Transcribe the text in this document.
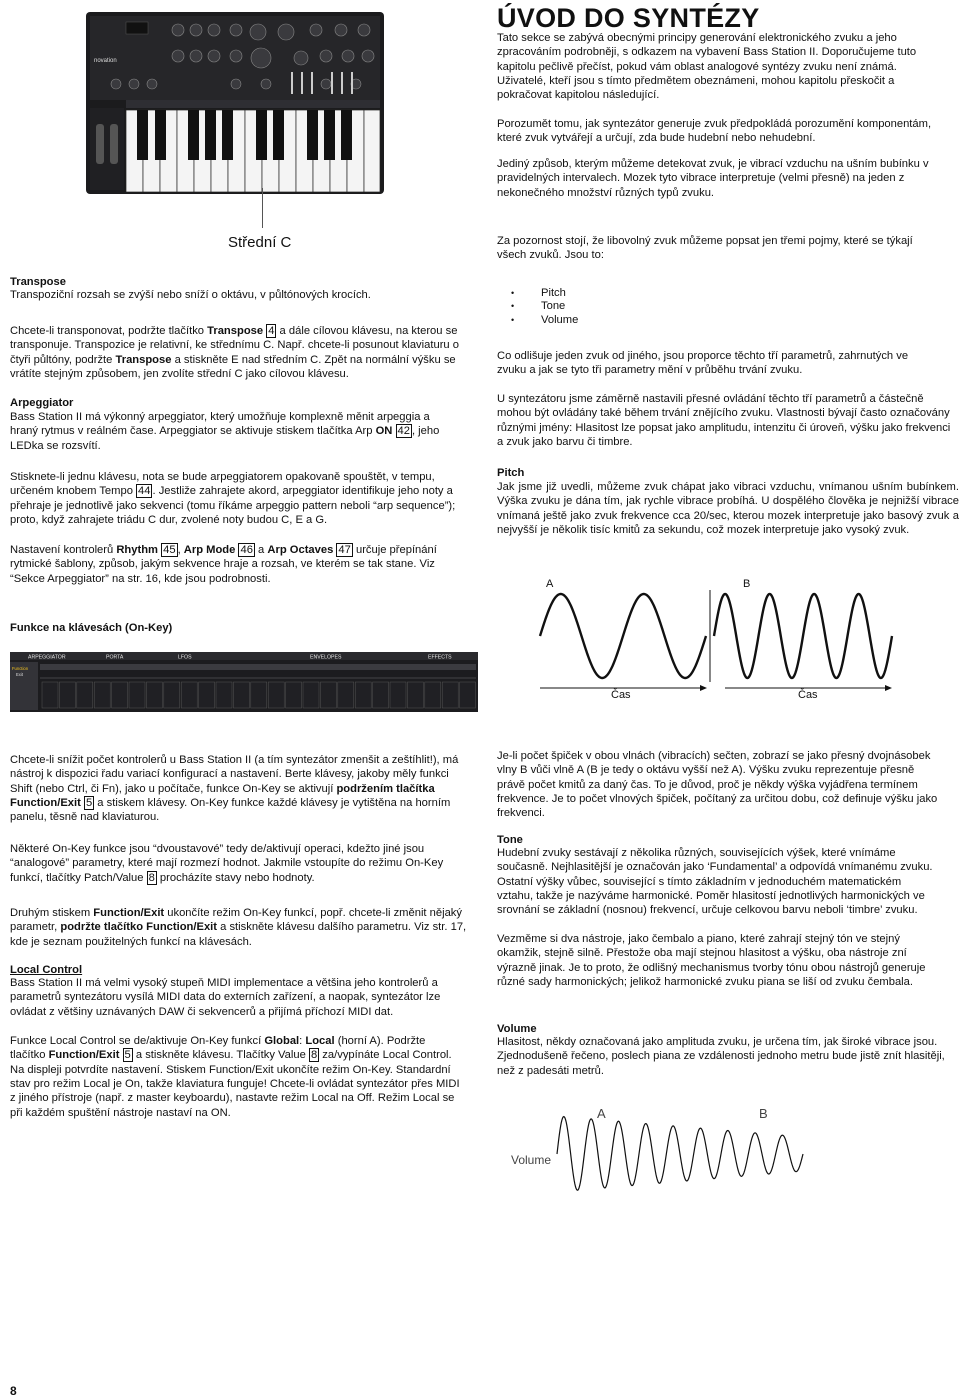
novation
Střední C
ÚVOD DO SYNTÉZY

Tato sekce se zabývá obecnými principy generování elektronického zvuku a jeho zpracováním podrobněji, s odkazem na vybavení Bass Station II. Doporučujeme tuto kapitolu pečlivě přečíst, pokud vám oblast analogové syntézy zvuku není známá. Uživatelé, kteří jsou s tímto předmětem obeznámeni, mohou kapitolu přeskočit a pokračovat kapitolou následující.

Porozumět tomu, jak syntezátor generuje zvuk předpokládá porozumění komponentám, které zvuk vytvářejí a určují, zda bude hudební nebo nehudební.

Jediný způsob, kterým můžeme detekovat zvuk, je vibrací vzduchu na ušním bubínku v pravidelných intervalech. Mozek tyto vibrace interpretuje (velmi přesně) na jeden z nekonečného množství různých typů zvuku.

Za pozornost stojí, že libovolný zvuk můžeme popsat jen třemi pojmy, které se týkají všech zvuků. Jsou to:

• Pitch
• Tone
• Volume

Co odlišuje jeden zvuk od jiného, jsou proporce těchto tří parametrů, zahrnutých ve zvuku a jak se tyto tři parametry mění v průběhu trvání zvuku.

U syntezátoru jsme záměrně nastavili přesné ovládání těchto tří parametrů a částečně mohou být ovládány také během trvání znějícího zvuku. Vlastnosti bývají často označovány různými jmény: Hlasitost lze popsat jako amplitudu, intenzitu či úroveň, výšku jako frekvenci a zvuk jako barvu či timbre.

Pitch

Jak jsme již uvedli, můžeme zvuk chápat jako vibraci vzduchu, vnímanou ušním bubínkem. Výška zvuku je dána tím, jak rychle vibrace probíhá. U dospělého člověka je nejnižší vibrace vnímaná ještě jako zvuk frekvence cca 20/sec, kterou mozek interpretuje jako basový zvuk a nejvyšší je několik tisíc kmitů za sekundu, což mozek interpretuje jako vysoký zvuk.

A	B
Čas	Čas

Je-li počet špiček v obou vlnách (vibracích) sečten, zobrazí se jako přesný dvojnásobek vlny B vůči vlně A (B je tedy o oktávu vyšší než A). Výšku zvuku reprezentuje přesně právě počet kmitů za daný čas. To je důvod, proč je někdy výška vyjádřena termínem frekvence. Je to počet vlnových špiček, počítaný za určitou dobu, což definuje výšku jako frekvenci.

Tone

Hudební zvuky sestávají z několika různých, souvisejících výšek, které vnímáme současně. Nejhlasitější je označován jako ‘Fundamental’ a odpovídá vnímanému zvuku. Ostatní výšky vůbec, související s tímto základním v jednoduchém matematickém vztahu, takže je nazýváme harmonické. Poměr hlasitostí jednotlivých harmonických ve srovnání se základní (nosnou) frekvencí, určuje celkovou barvu neboli ‘timbre’ zvuku.

Vezměme si dva nástroje, jako čembalo a piano, které zahrají stejný tón ve stejný okamžik, stejně silně. Přestože oba mají stejnou hlasitost a výšku, oba nástroje zní výrazně jinak. Je to proto, že odlišný mechanismus tvorby tónu obou nástrojů generuje různé sady harmonických; jelikož harmonické zvuku piana se liší od zvuku čembala.

Volume

Hlasitost, někdy označovaná jako amplituda zvuku, je určena tím, jak široké vibrace jsou. Zjednodušeně řečeno, poslech piana ze vzdálenosti jednoho metru bude jistě znít hlasitěji, než z padesáti metrů.

A	B
Volume

Transpose

Transpoziční rozsah se zvýší nebo sníží o oktávu, v půltónových krocích.

Chcete-li transponovat, podržte tlačítko Transpose 4 a dále cílovou klávesu, na kterou se transponuje. Transpozice je relativní, ke střednímu C. Např. chcete-li posunout klaviaturu o čtyři půltóny, podržte Transpose a stiskněte E nad středním C. Zpět na normální výšku se vrátíte stejným způsobem, jen zvolíte střední C jako cílovou klávesu.

Arpeggiator

Bass Station II má výkonný arpeggiator, který umožňuje komplexně měnit arpeggia a hraný rytmus v reálném čase. Arpeggiator se aktivuje stiskem tlačítka Arp ON 42 , jeho LEDka se rozsvítí.

Stisknete-li jednu klávesu, nota se bude arpeggiatorem opakovaně spouštět, v tempu, určeném knobem Tempo 44 . Jestliže zahrajete akord, arpeggiator identifikuje jeho noty a přehraje je jednotlivě jako sekvenci (tomu říkáme arpeggio pattern neboli “arp sequence”); proto, když zahrajete triádu C dur, zvolené noty budou C, E a G.

Nastavení kontrolerů Rhythm 45 , Arp Mode 46 a Arp Octaves 47 určuje přepínání rytmické šablony, způsob, jakým sekvence hraje a rozsah, ve kterém se tak stane. Viz “Sekce Arpeggiator” na str. 16, kde jsou podrobnosti.

Funkce na klávesách (On-Key)

ARPEGGIATOR	PORTA	LFOS	ENVELOPES	EFFECTS
Function
Exit

Chcete-li snížit počet kontrolerů u Bass Station II (a tím syntezátor zmenšit a zeštíhlit!), má nástroj k dispozici řadu variací konfigurací a nastavení. Berte klávesy, jakoby měly funkci Shift (nebo Ctrl, či Fn), jako u počítače, funkce On-Key se aktivují podržením tlačítka Function/Exit 5 a stiskem klávesy. On-Key funkce každé klávesy je vytištěna na horním panelu, těsně nad klaviaturou.

Některé On-Key funkce jsou “dvoustavové” tedy de/aktivují operaci, kdežto jiné jsou “analogové” parametry, které mají rozmezí hodnot. Jakmile vstoupíte do režimu On-Key funkcí, tlačítky Patch/Value 8 procházíte stavy nebo hodnoty.

Druhým stiskem Function/Exit ukončíte režim On-Key funkcí, popř. chcete-li změnit nějaký parametr, podržte tlačítko Function/Exit a stiskněte klávesu dalšího parametru. Viz str. 17, kde je seznam použitelných funkcí na klávesách.

Local Control

Bass Station II má velmi vysoký stupeň MIDI implementace a většina jeho kontrolerů a parametrů syntezátoru vysílá MIDI data do externích zařízení, a naopak, syntezátor lze ovládat z většiny uznávaných DAW či sekvencerů a přijímá příchozí MIDI dat.

Funkce Local Control se de/aktivuje On-Key funkcí Global: Local (horní A). Podržte tlačítko Function/Exit 5 a stiskněte klávesu. Tlačítky Value 8 za/vypínáte Local Control. Na displeji potvrdíte nastavení. Stiskem Function/Exit ukončíte režim On-Key. Standardní stav pro režim Local je On, takže klaviatura funguje! Chcete-li ovládat syntezátor přes MIDI z jiného přístroje (např. z master keyboardu), nastavte režim Local na Off. Režim Local se při každém spuštění nástroje nastaví na ON.

8
